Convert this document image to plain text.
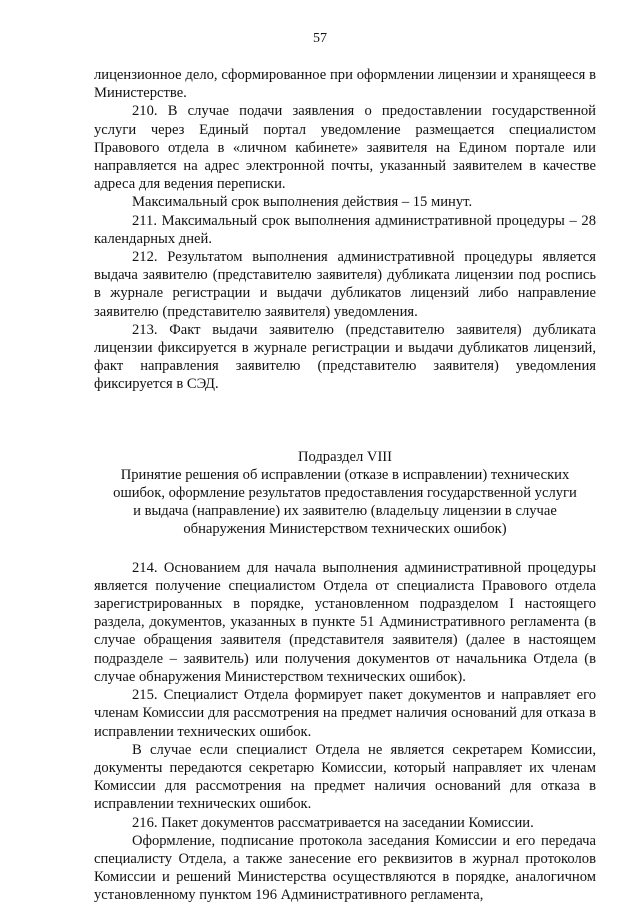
57

лицензионное дело, сформированное при оформлении лицензии и хранящееся в Министерстве.

210. В случае подачи заявления о предоставлении государственной услуги через Единый портал уведомление размещается специалистом Правового отдела в «личном кабинете» заявителя на Едином портале или направляется на адрес электронной почты, указанный заявителем в качестве адреса для ведения переписки.

Максимальный срок выполнения действия – 15 минут.

211. Максимальный срок выполнения административной процедуры – 28 календарных дней.

212. Результатом выполнения административной процедуры является выдача заявителю (представителю заявителя) дубликата лицензии под роспись в журнале регистрации и выдачи дубликатов лицензий либо направление заявителю (представителю заявителя) уведомления.

213. Факт выдачи заявителю (представителю заявителя) дубликата лицензии фиксируется в журнале регистрации и выдачи дубликатов лицензий, факт направления заявителю (представителю заявителя) уведомления фиксируется в СЭД.

Подраздел VIII
Принятие решения об исправлении (отказе в исправлении) технических
ошибок, оформление результатов предоставления государственной услуги
и выдача (направление) их заявителю (владельцу лицензии в случае
обнаружения Министерством технических ошибок)

214. Основанием для начала выполнения административной процедуры является получение специалистом Отдела от специалиста Правового отдела зарегистрированных в порядке, установленном подразделом I настоящего раздела, документов, указанных в пункте 51 Административного регламента (в случае обращения заявителя (представителя заявителя) (далее в настоящем подразделе – заявитель) или получения документов от начальника Отдела (в случае обнаружения Министерством технических ошибок).

215. Специалист Отдела формирует пакет документов и направляет его членам Комиссии для рассмотрения на предмет наличия оснований для отказа в исправлении технических ошибок.

В случае если специалист Отдела не является секретарем Комиссии, документы передаются секретарю Комиссии, который направляет их членам Комиссии для рассмотрения на предмет наличия оснований для отказа в исправлении технических ошибок.

216. Пакет документов рассматривается на заседании Комиссии.

Оформление, подписание протокола заседания Комиссии и его передача специалисту Отдела, а также занесение его реквизитов в журнал протоколов Комиссии и решений Министерства осуществляются в порядке, аналогичном установленному пунктом 196 Административного регламента,
